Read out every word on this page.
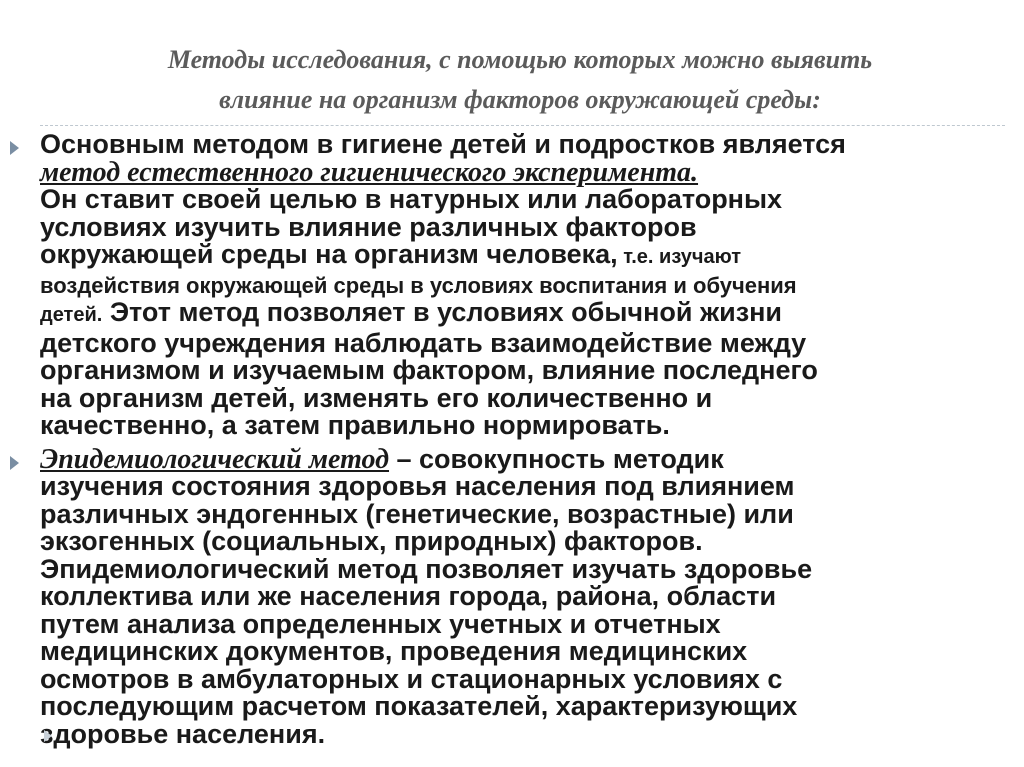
Методы исследования, с помощью которых можно выявить
влияние на организм факторов окружающей среды:
Основным методом в гигиене детей и подростков является
метод естественного гигиенического эксперимента.
Он ставит своей целью в натурных или лабораторных
условиях изучить влияние различных факторов
окружающей среды на организм человека, т.е. изучают
воздействия окружающей среды в условиях воспитания и обучения
детей. Этот метод позволяет в условиях обычной жизни
детского учреждения наблюдать взаимодействие между
организмом и изучаемым фактором, влияние последнего
на организм детей, изменять его количественно и
качественно, а затем правильно нормировать.
Эпидемиологический метод – совокупность методик
изучения состояния здоровья населения под влиянием
различных эндогенных (генетические, возрастные) или
экзогенных (социальных, природных) факторов.
Эпидемиологический метод позволяет изучать здоровье
коллектива или же населения города, района, области
путем анализа определенных учетных и отчетных
медицинских документов, проведения медицинских
осмотров в амбулаторных и стационарных условиях с
последующим расчетом показателей, характеризующих
здоровье населения.
